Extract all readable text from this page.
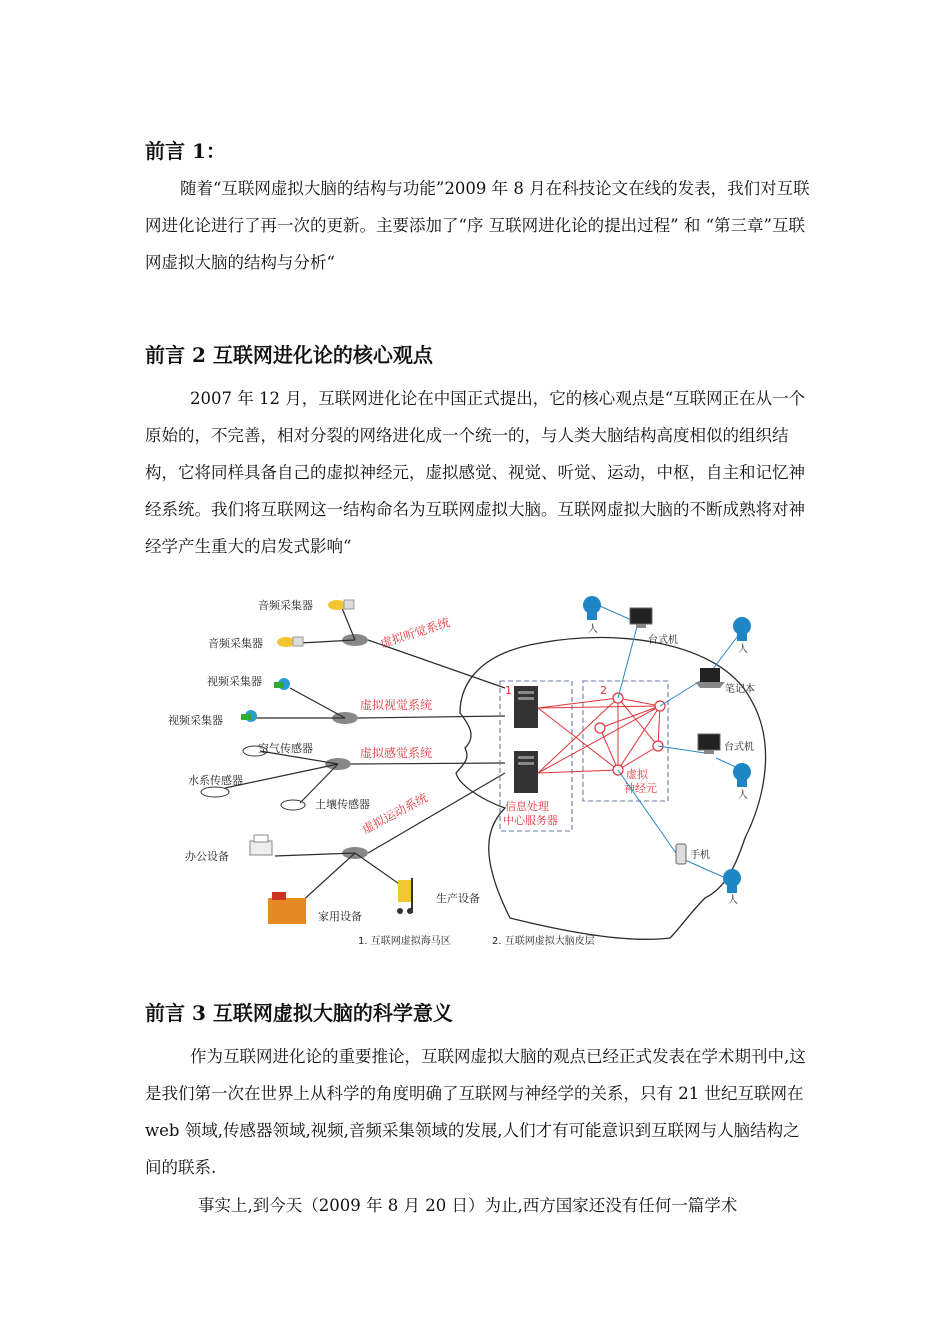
前言 1：

随着“互联网虚拟大脑的结构与功能”2009 年 8 月在科技论文在线的发表，我们对互联网进化论进行了再一次的更新。主要添加了“序 互联网进化论的提出过程” 和 “第三章”互联网虚拟大脑的结构与分析“

前言 2 互联网进化论的核心观点

2007 年 12 月，互联网进化论在中国正式提出，它的核心观点是“互联网正在从一个原始的，不完善，相对分裂的网络进化成一个统一的，与人类大脑结构高度相似的组织结构，它将同样具备自己的虚拟神经元，虚拟感觉、视觉、听觉、运动，中枢，自主和记忆神经系统。我们将互联网这一结构命名为互联网虚拟大脑。互联网虚拟大脑的不断成熟将对神经学产生重大的启发式影响“

音频采集器
音频采集器
视频采集器
视频采集器
空气传感器
水系传感器
土壤传感器
办公设备
家用设备
生产设备
虚拟听觉系统
虚拟视觉系统
虚拟感觉系统
虚拟运动系统
1	2
信息处理
中心服务器
虚拟
神经元
人
台式机
人
笔记本
台式机
人
手机
人
1. 互联网虚拟海马区	2. 互联网虚拟大脑皮层
前言 3 互联网虚拟大脑的科学意义

作为互联网进化论的重要推论，互联网虚拟大脑的观点已经正式发表在学术期刊中,这是我们第一次在世界上从科学的角度明确了互联网与神经学的关系，只有 21 世纪互联网在 web 领域,传感器领域,视频,音频采集领域的发展,人们才有可能意识到互联网与人脑结构之间的联系.

事实上,到今天（2009 年 8 月 20 日）为止,西方国家还没有任何一篇学术
